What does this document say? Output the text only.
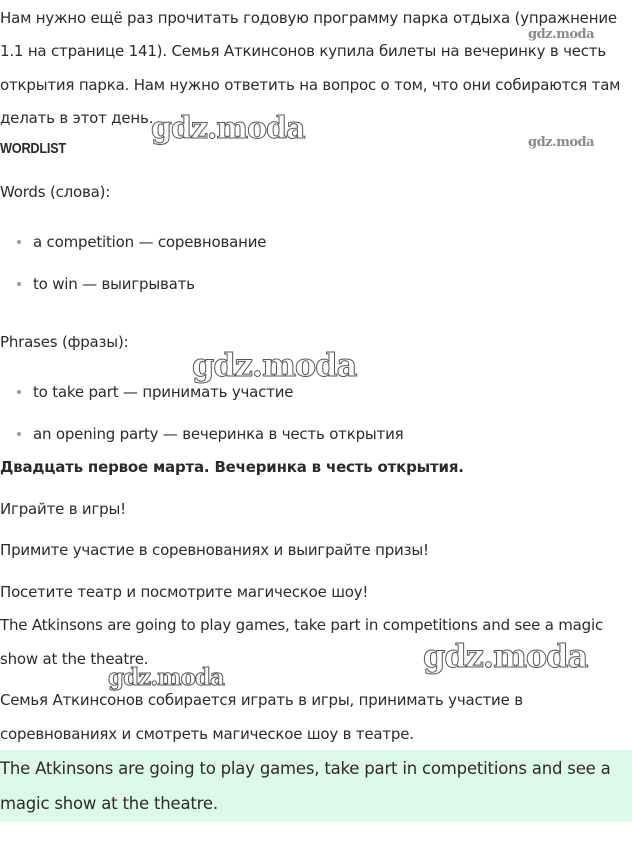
Нам нужно ещё раз прочитать годовую программу парка отдыха (упражнение
1.1 на странице 141). Семья Аткинсонов купила билеты на вечеринку в честь
открытия парка. Нам нужно ответить на вопрос о том, что они собираются там
делать в этот день.
WORDLIST
Words (слова):
a competition — соревнование
to win — выигрывать
Phrases (фразы):
to take part — принимать участие
an opening party — вечеринка в честь открытия
Двадцать первое марта. Вечеринка в честь открытия.
Играйте в игры!
Примите участие в соревнованиях и выиграйте призы!
Посетите театр и посмотрите магическое шоу!
The Atkinsons are going to play games, take part in competitions and see a magic
show at the theatre.
Семья Аткинсонов собирается играть в игры, принимать участие в
соревнованиях и смотреть магическое шоу в театре.
The Atkinsons are going to play games, take part in competitions and see a
magic show at the theatre.
gdz.moda
gdz.moda	gdz.moda
gdz.moda
gdz.moda
gdz.moda
